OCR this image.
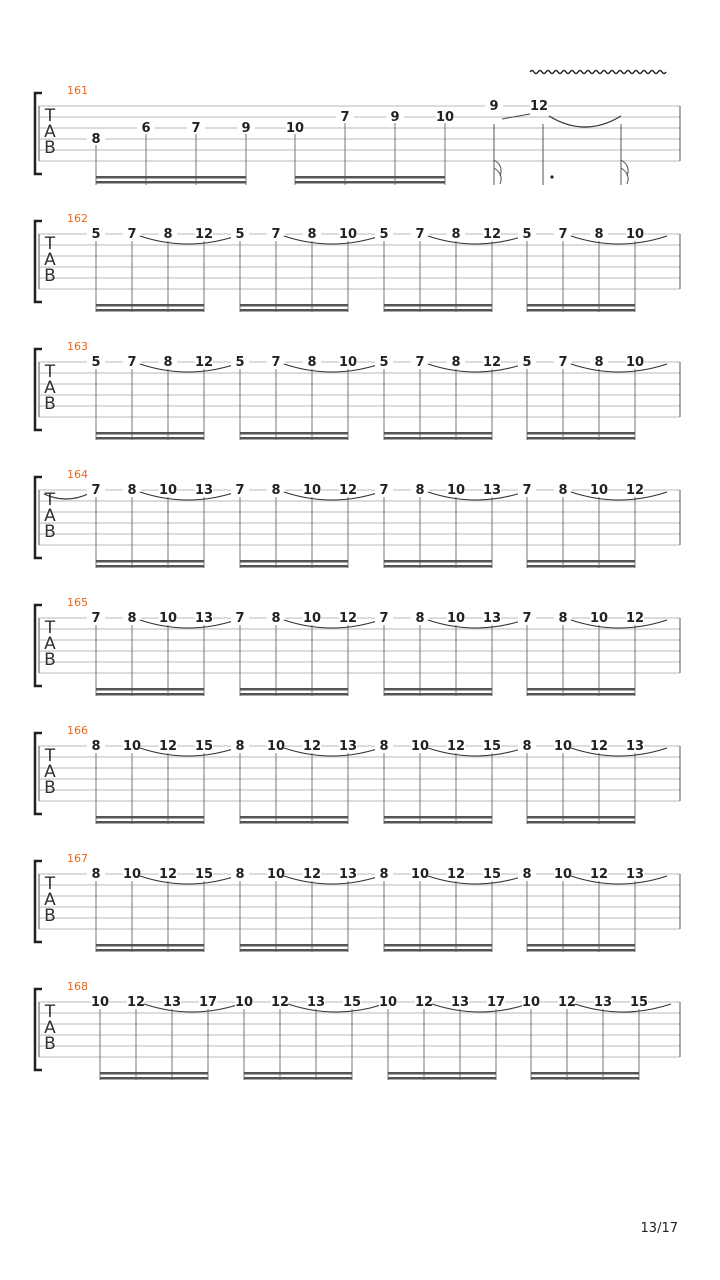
T
A
B
161
8
6	7	9	10
7	9	10
9 12
T
A
B
162
5 7 8 12 5 7 8 10 5 7 8 12 5 7 8 10
T
A
B
163
5 7 8 12 5 7 8 10 5 7 8 12 5 7 8 10
T
A
B
164
7 8 10 13 7 8 10 12 7 8 10 13 7 8 10 12
T
A
B
165
7 8 10 13 7 8 10 12 7 8 10 13 7 8 10 12
T
A
B
166
8 10 12 15 8 10 12 13 8 10 12 15 8 10 12 13
T
A
B
167
8 10 12 15 8 10 12 13 8 10 12 15 8 10 12 13
T
A
B
168
10 12 13 17 10 12 13 15 10 12 13 17 10 12 13 15
13/17
